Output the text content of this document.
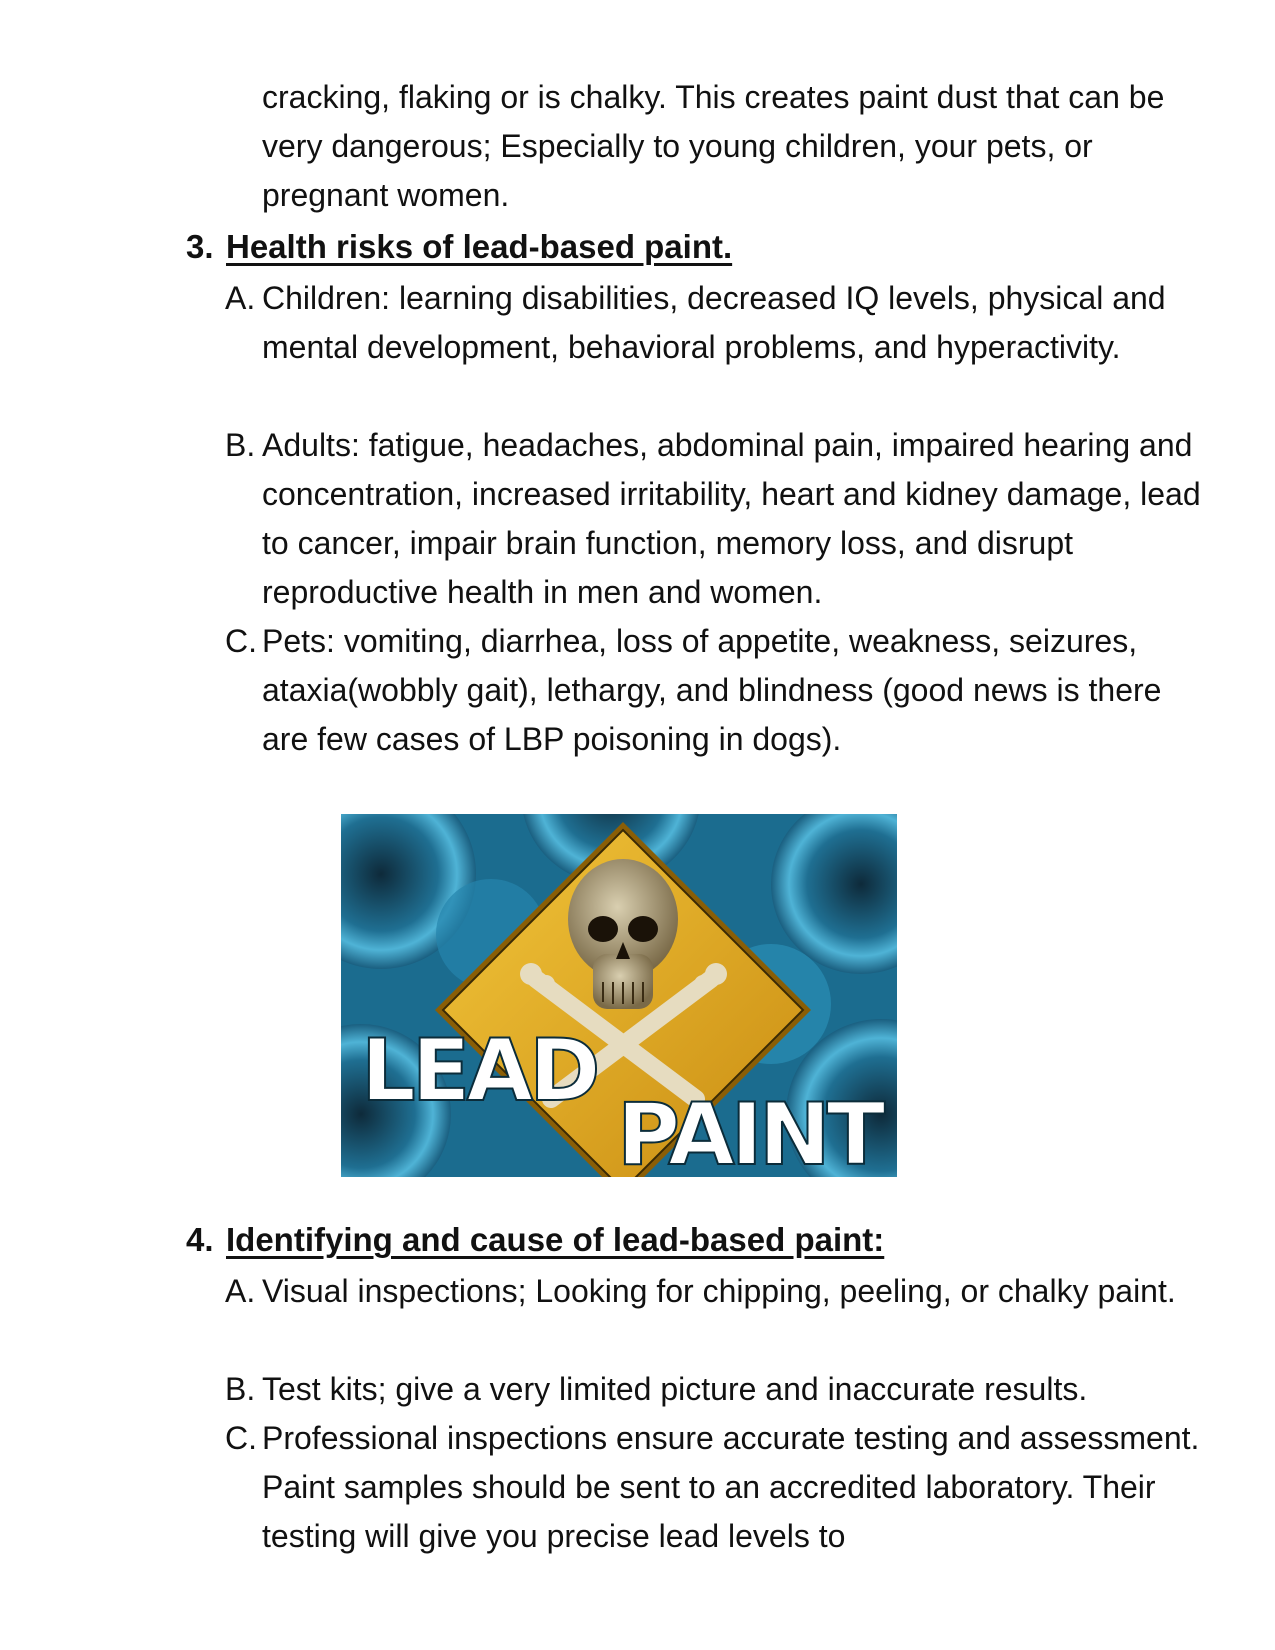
cracking, flaking or is chalky. This creates paint dust that can be very dangerous; Especially to young children, your pets, or pregnant women.

3. Health risks of lead-based paint.
A. Children: learning disabilities, decreased IQ levels, physical and mental development, behavioral problems, and hyperactivity.
B. Adults: fatigue, headaches, abdominal pain, impaired hearing and concentration, increased irritability, heart and kidney damage, lead to cancer, impair brain function, memory loss, and disrupt reproductive health in men and women.
C. Pets: vomiting, diarrhea, loss of appetite, weakness, seizures, ataxia(wobbly gait), lethargy, and blindness (good news is there are few cases of LBP poisoning in dogs).
LEAD
PAINT
4. Identifying and cause of lead-based paint:
A. Visual inspections; Looking for chipping, peeling, or chalky paint.
B. Test kits; give a very limited picture and inaccurate results.
C. Professional inspections ensure accurate testing and assessment. Paint samples should be sent to an accredited laboratory. Their testing will give you precise lead levels to
